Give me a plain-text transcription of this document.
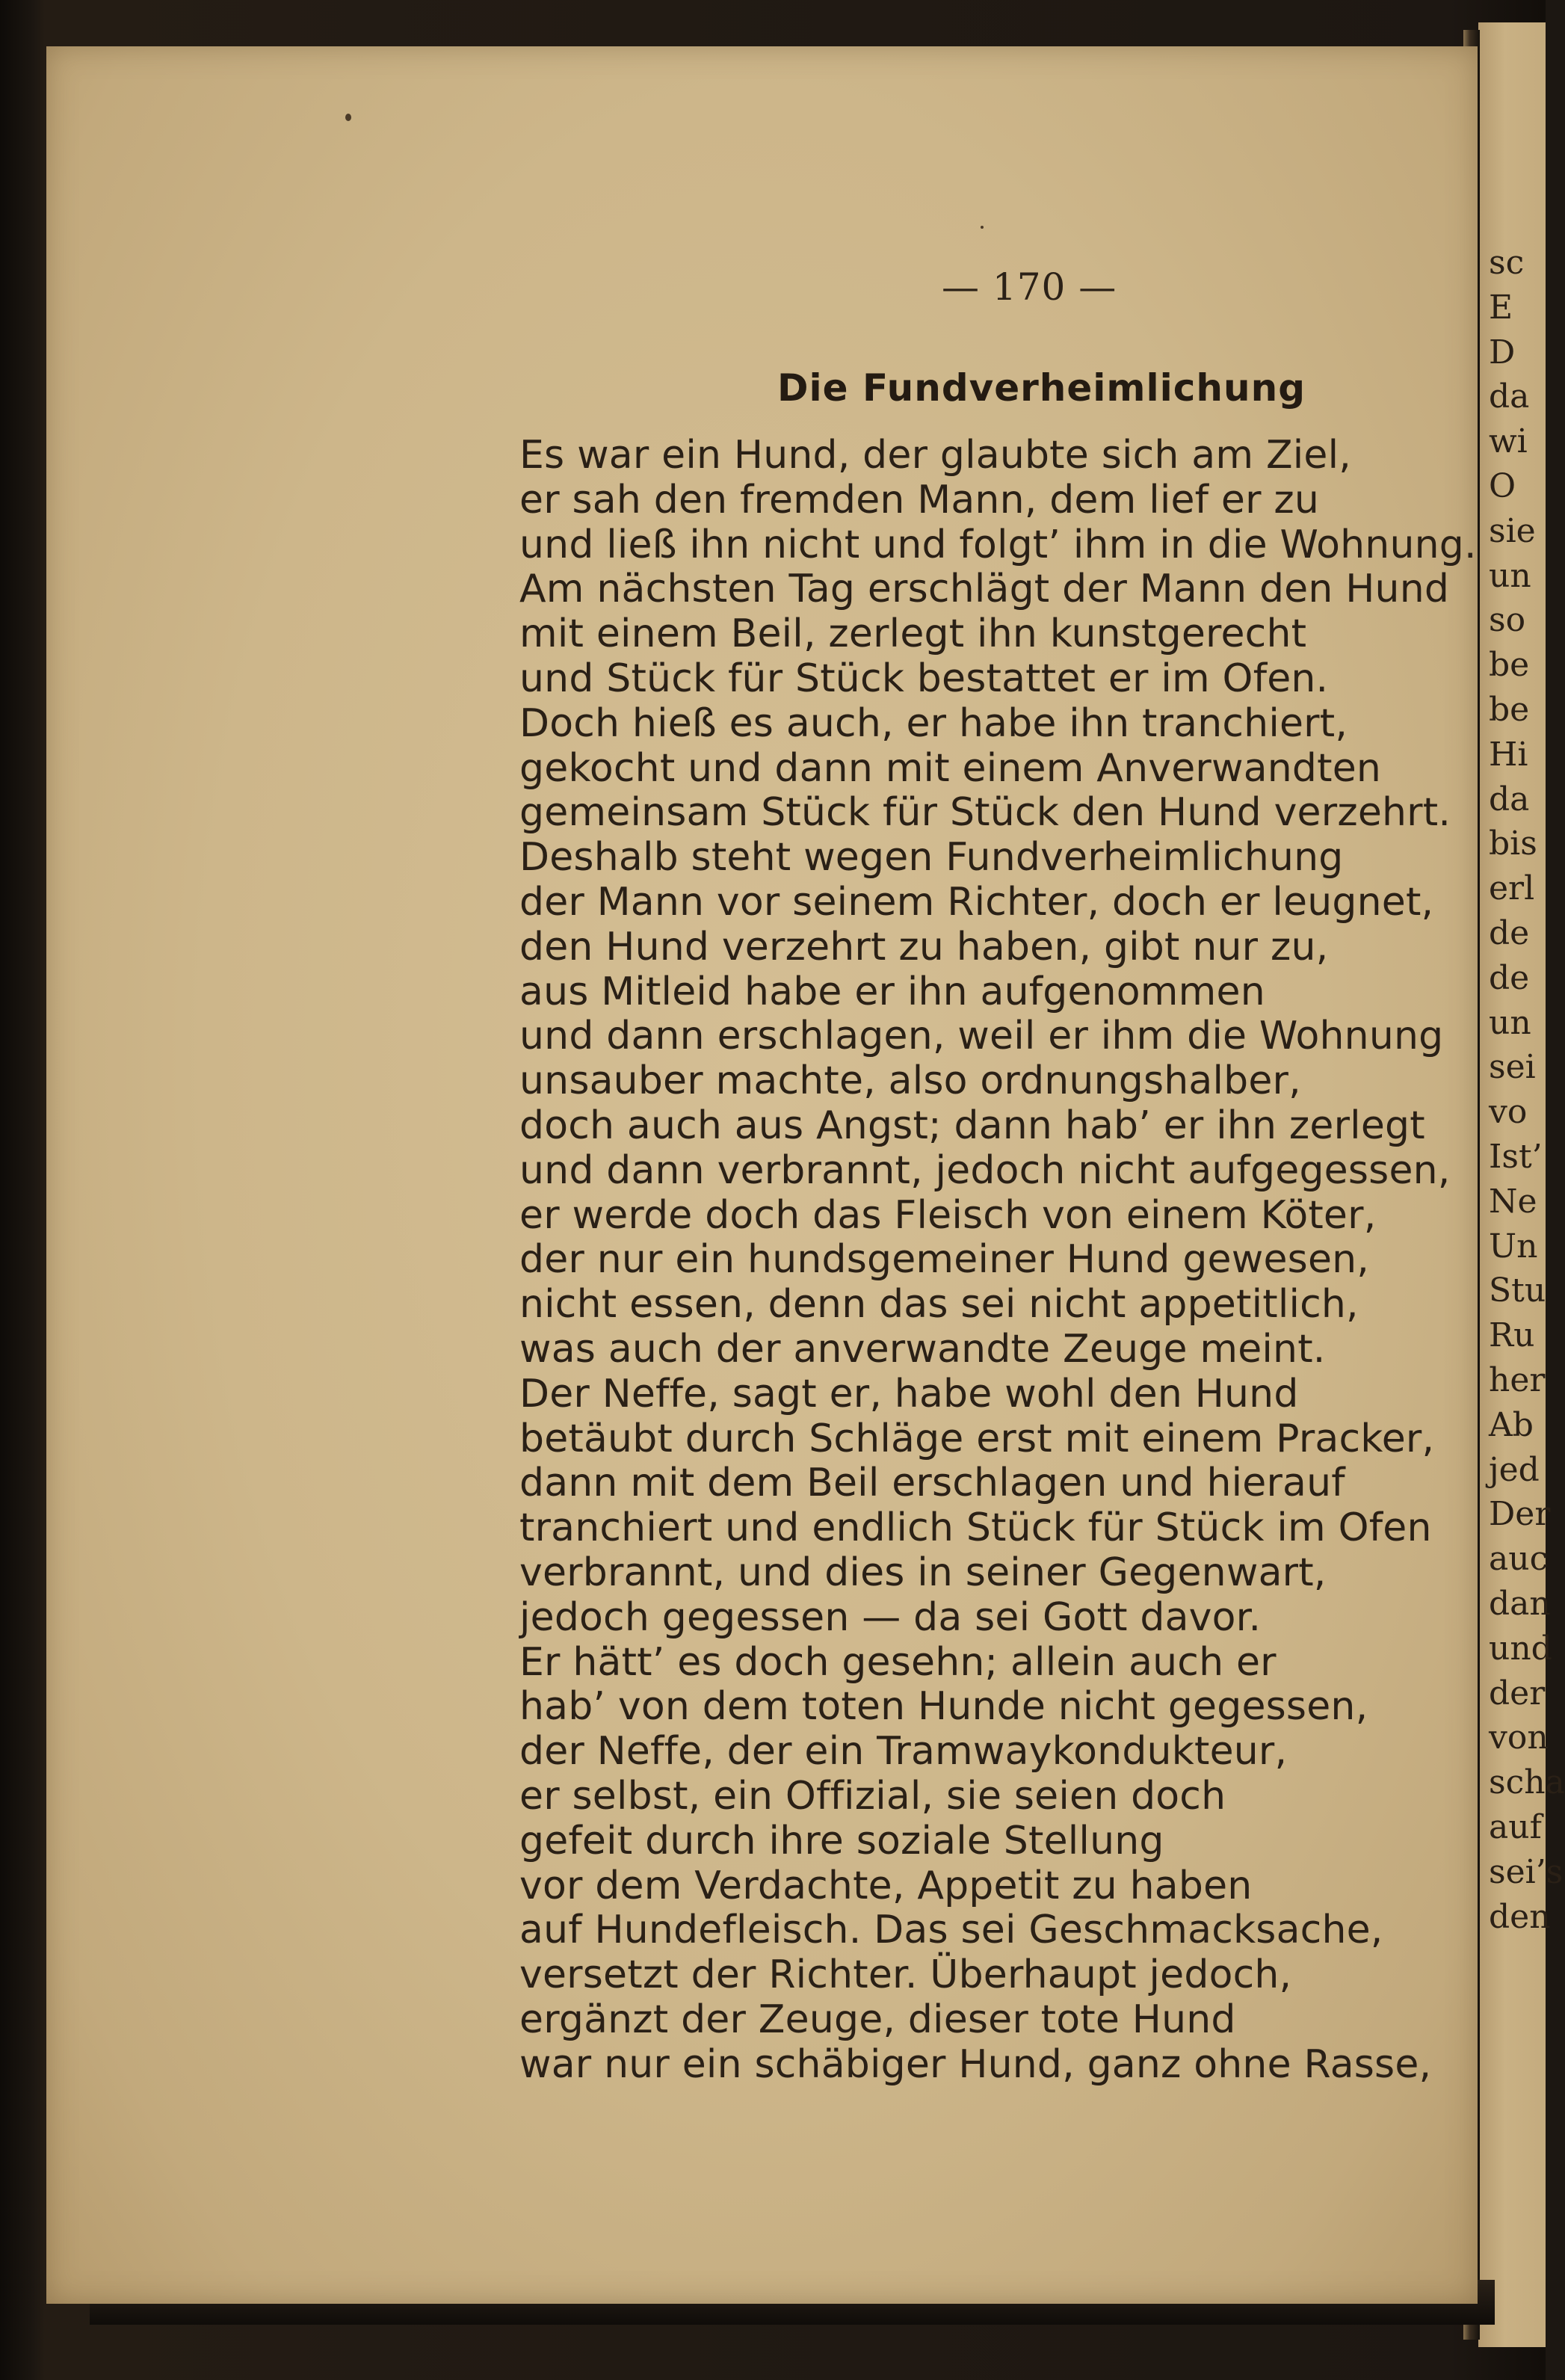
sc
E
D
da
wi
O
sie
un
so
be
be
Hi
da
bis
erl
de
de
un
sei
vo
Ist’
Ne
Un
Stu
Ru
her
Ab
jed
Der
auc
dan
und
der
von
scha
auf
sei’s
den
— 170 —
Die Fundverheimlichung
Es war ein Hund, der glaubte sich am Ziel,
er sah den fremden Mann, dem lief er zu
und ließ ihn nicht und folgt’ ihm in die Wohnung.
Am nächsten Tag erschlägt der Mann den Hund
mit einem Beil, zerlegt ihn kunstgerecht
und Stück für Stück bestattet er im Ofen.
Doch hieß es auch, er habe ihn tranchiert,
gekocht und dann mit einem Anverwandten
gemeinsam Stück für Stück den Hund verzehrt.
Deshalb steht wegen Fundverheimlichung
der Mann vor seinem Richter, doch er leugnet,
den Hund verzehrt zu haben, gibt nur zu,
aus Mitleid habe er ihn aufgenommen
und dann erschlagen, weil er ihm die Wohnung
unsauber machte, also ordnungshalber,
doch auch aus Angst; dann hab’ er ihn zerlegt
und dann verbrannt, jedoch nicht aufgegessen,
er werde doch das Fleisch von einem Köter,
der nur ein hundsgemeiner Hund gewesen,
nicht essen, denn das sei nicht appetitlich,
was auch der anverwandte Zeuge meint.
Der Neffe, sagt er, habe wohl den Hund
betäubt durch Schläge erst mit einem Pracker,
dann mit dem Beil erschlagen und hierauf
tranchiert und endlich Stück für Stück im Ofen
verbrannt, und dies in seiner Gegenwart,
jedoch gegessen — da sei Gott davor.
Er hätt’ es doch gesehn; allein auch er
hab’ von dem toten Hunde nicht gegessen,
der Neffe, der ein Tramwaykondukteur,
er selbst, ein Offizial, sie seien doch
gefeit durch ihre soziale Stellung
vor dem Verdachte, Appetit zu haben
auf Hundefleisch. Das sei Geschmacksache,
versetzt der Richter. Überhaupt jedoch,
ergänzt der Zeuge, dieser tote Hund
war nur ein schäbiger Hund, ganz ohne Rasse,
